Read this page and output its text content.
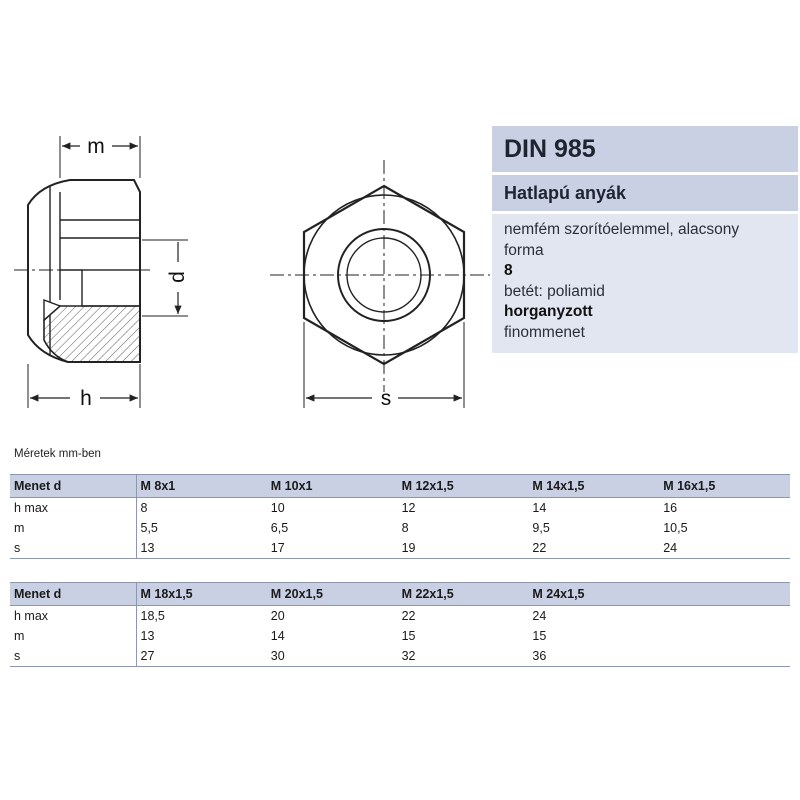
m
h
d
s
DIN 985
Hatlapú anyák
nemfém szorítóelemmel, alacsony
forma
8
betét: poliamid
horganyzott
finommenet
Méretek mm-ben
Menet d	M 8x1	M 10x1	M 12x1,5	M 14x1,5	M 16x1,5
h max	8	10	12	14	16
m	5,5	6,5	8	9,5	10,5
s	13	17	19	22	24
Menet d	M 18x1,5	M 20x1,5	M 22x1,5	M 24x1,5	
h max	18,5	20	22	24	
m	13	14	15	15	
s	27	30	32	36	
